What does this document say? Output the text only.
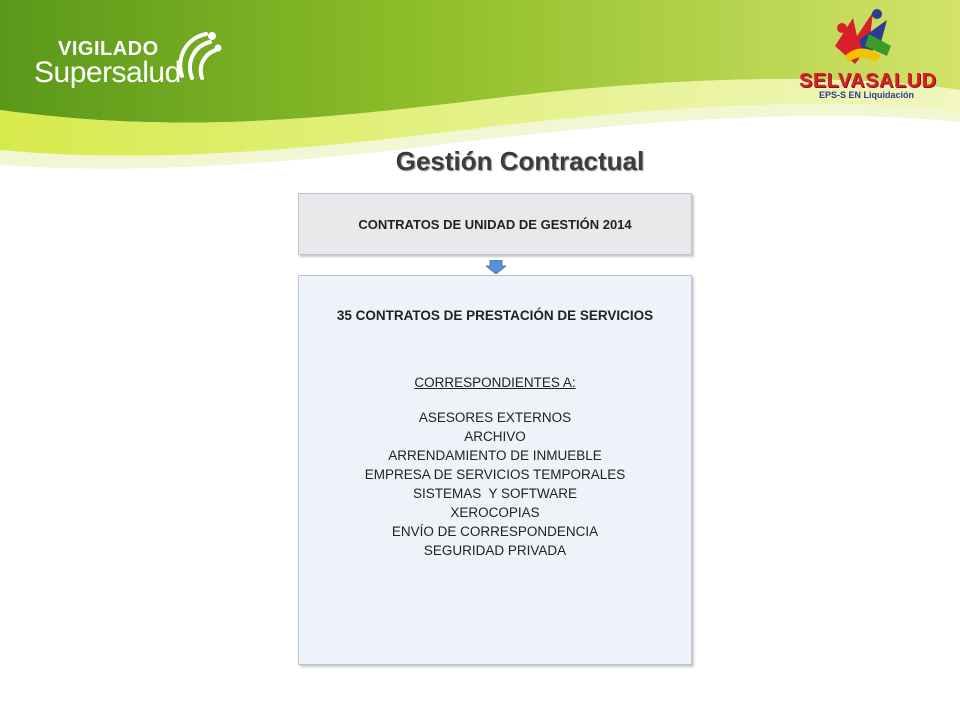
VIGILADO
Supersalud	SELVASALUD
EPS-S EN Liquidación
Gestión Contractual
CONTRATOS DE UNIDAD DE GESTIÓN 2014
35 CONTRATOS DE PRESTACIÓN DE SERVICIOS
CORRESPONDIENTES A:
ASESORES EXTERNOS
ARCHIVO
ARRENDAMIENTO DE INMUEBLE
EMPRESA DE SERVICIOS TEMPORALES
SISTEMAS  Y SOFTWARE
XEROCOPIAS
ENVÍO DE CORRESPONDENCIA
SEGURIDAD PRIVADA
